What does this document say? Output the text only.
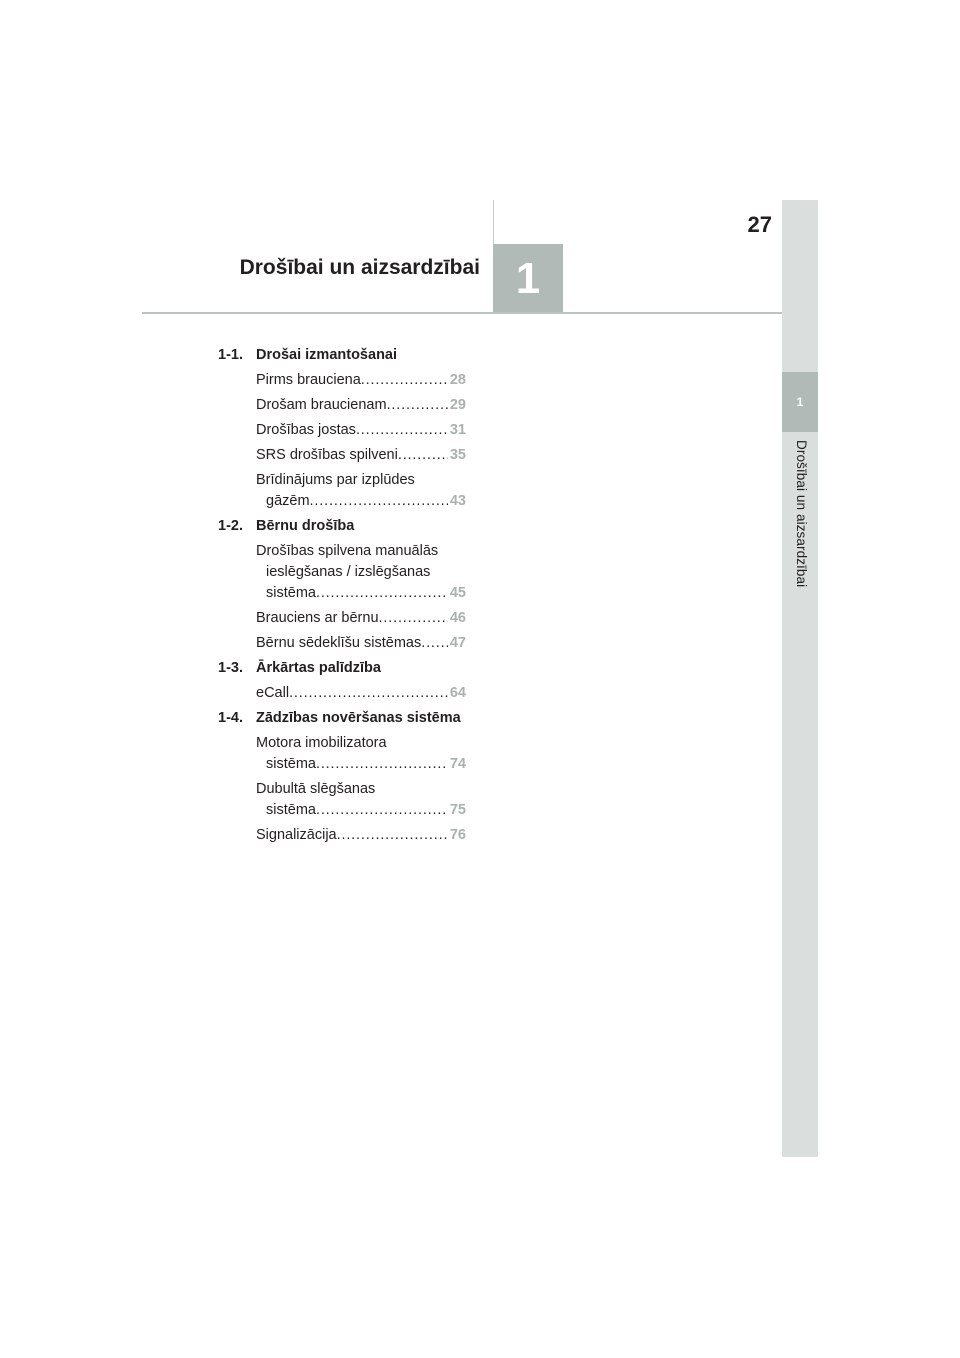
27
Drošībai un aizsardzībai 1
1
Drošībai un aizsardzībai
1-1. Drošai izmantošanai
Pirms brauciena . . .	28
Drošam braucienam . . .	29
Drošības jostas . . .	31
SRS drošības spilveni . . .	35
Brīdinājums par izplūdes
gāzēm . . .	43
1-2. Bērnu drošība
Drošības spilvena manuālās
ieslēgšanas / izslēgšanas
sistēma . . .	45
Brauciens ar bērnu . . .	46
Bērnu sēdeklīšu sistēmas . . . 47
1-3. Ārkārtas palīdzība
eCall . . .	64
1-4. Zādzības novēršanas sistēma
Motora imobilizatora
sistēma . . .	74
Dubultā slēgšanas
sistēma . . .	75
Signalizācija . . .	76
